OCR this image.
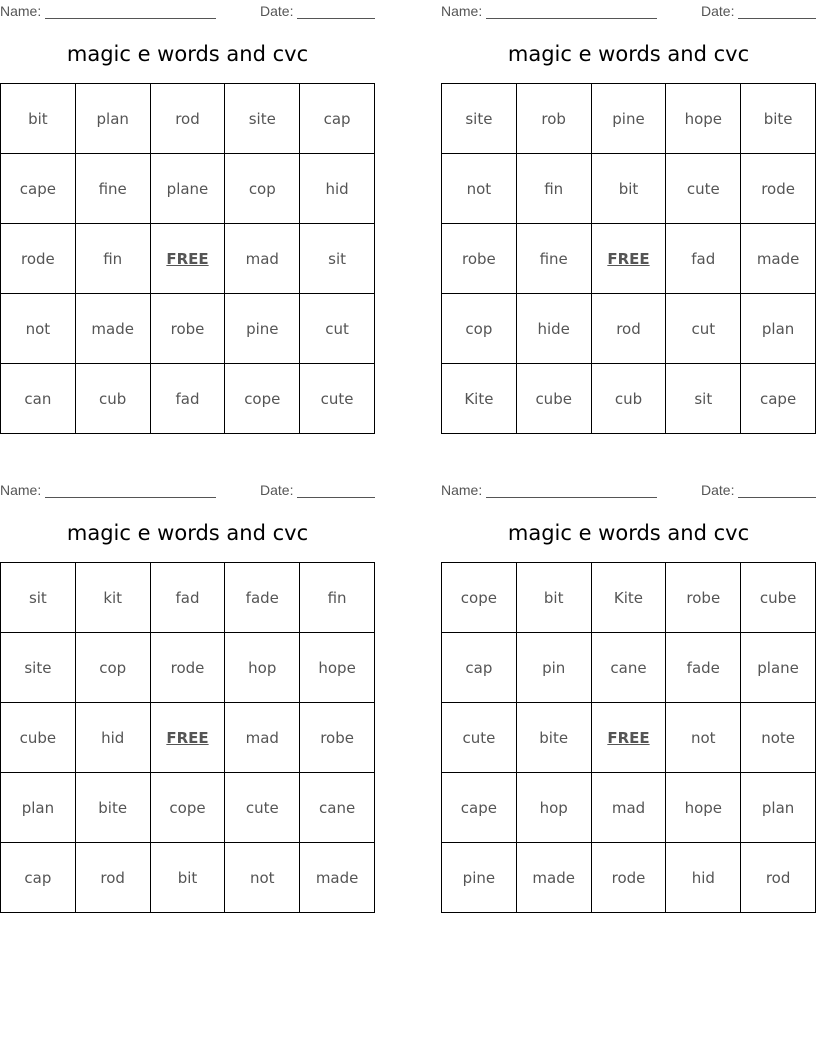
Name:	Date:
magic e words and cvc
bit	plan	rod	site	cap
cape	fine	plane	cop	hid
rode	fin	FREE	mad	sit
not	made	robe	pine	cut
can	cub	fad	cope	cute
Name:	Date:
magic e words and cvc
site	rob	pine	hope	bite
not	fin	bit	cute	rode
robe	fine	FREE	fad	made
cop	hide	rod	cut	plan
Kite	cube	cub	sit	cape
Name:	Date:
magic e words and cvc
sit	kit	fad	fade	fin
site	cop	rode	hop	hope
cube	hid	FREE	mad	robe
plan	bite	cope	cute	cane
cap	rod	bit	not	made
Name:	Date:
magic e words and cvc
cope	bit	Kite	robe	cube
cap	pin	cane	fade	plane
cute	bite	FREE	not	note
cape	hop	mad	hope	plan
pine	made	rode	hid	rod
